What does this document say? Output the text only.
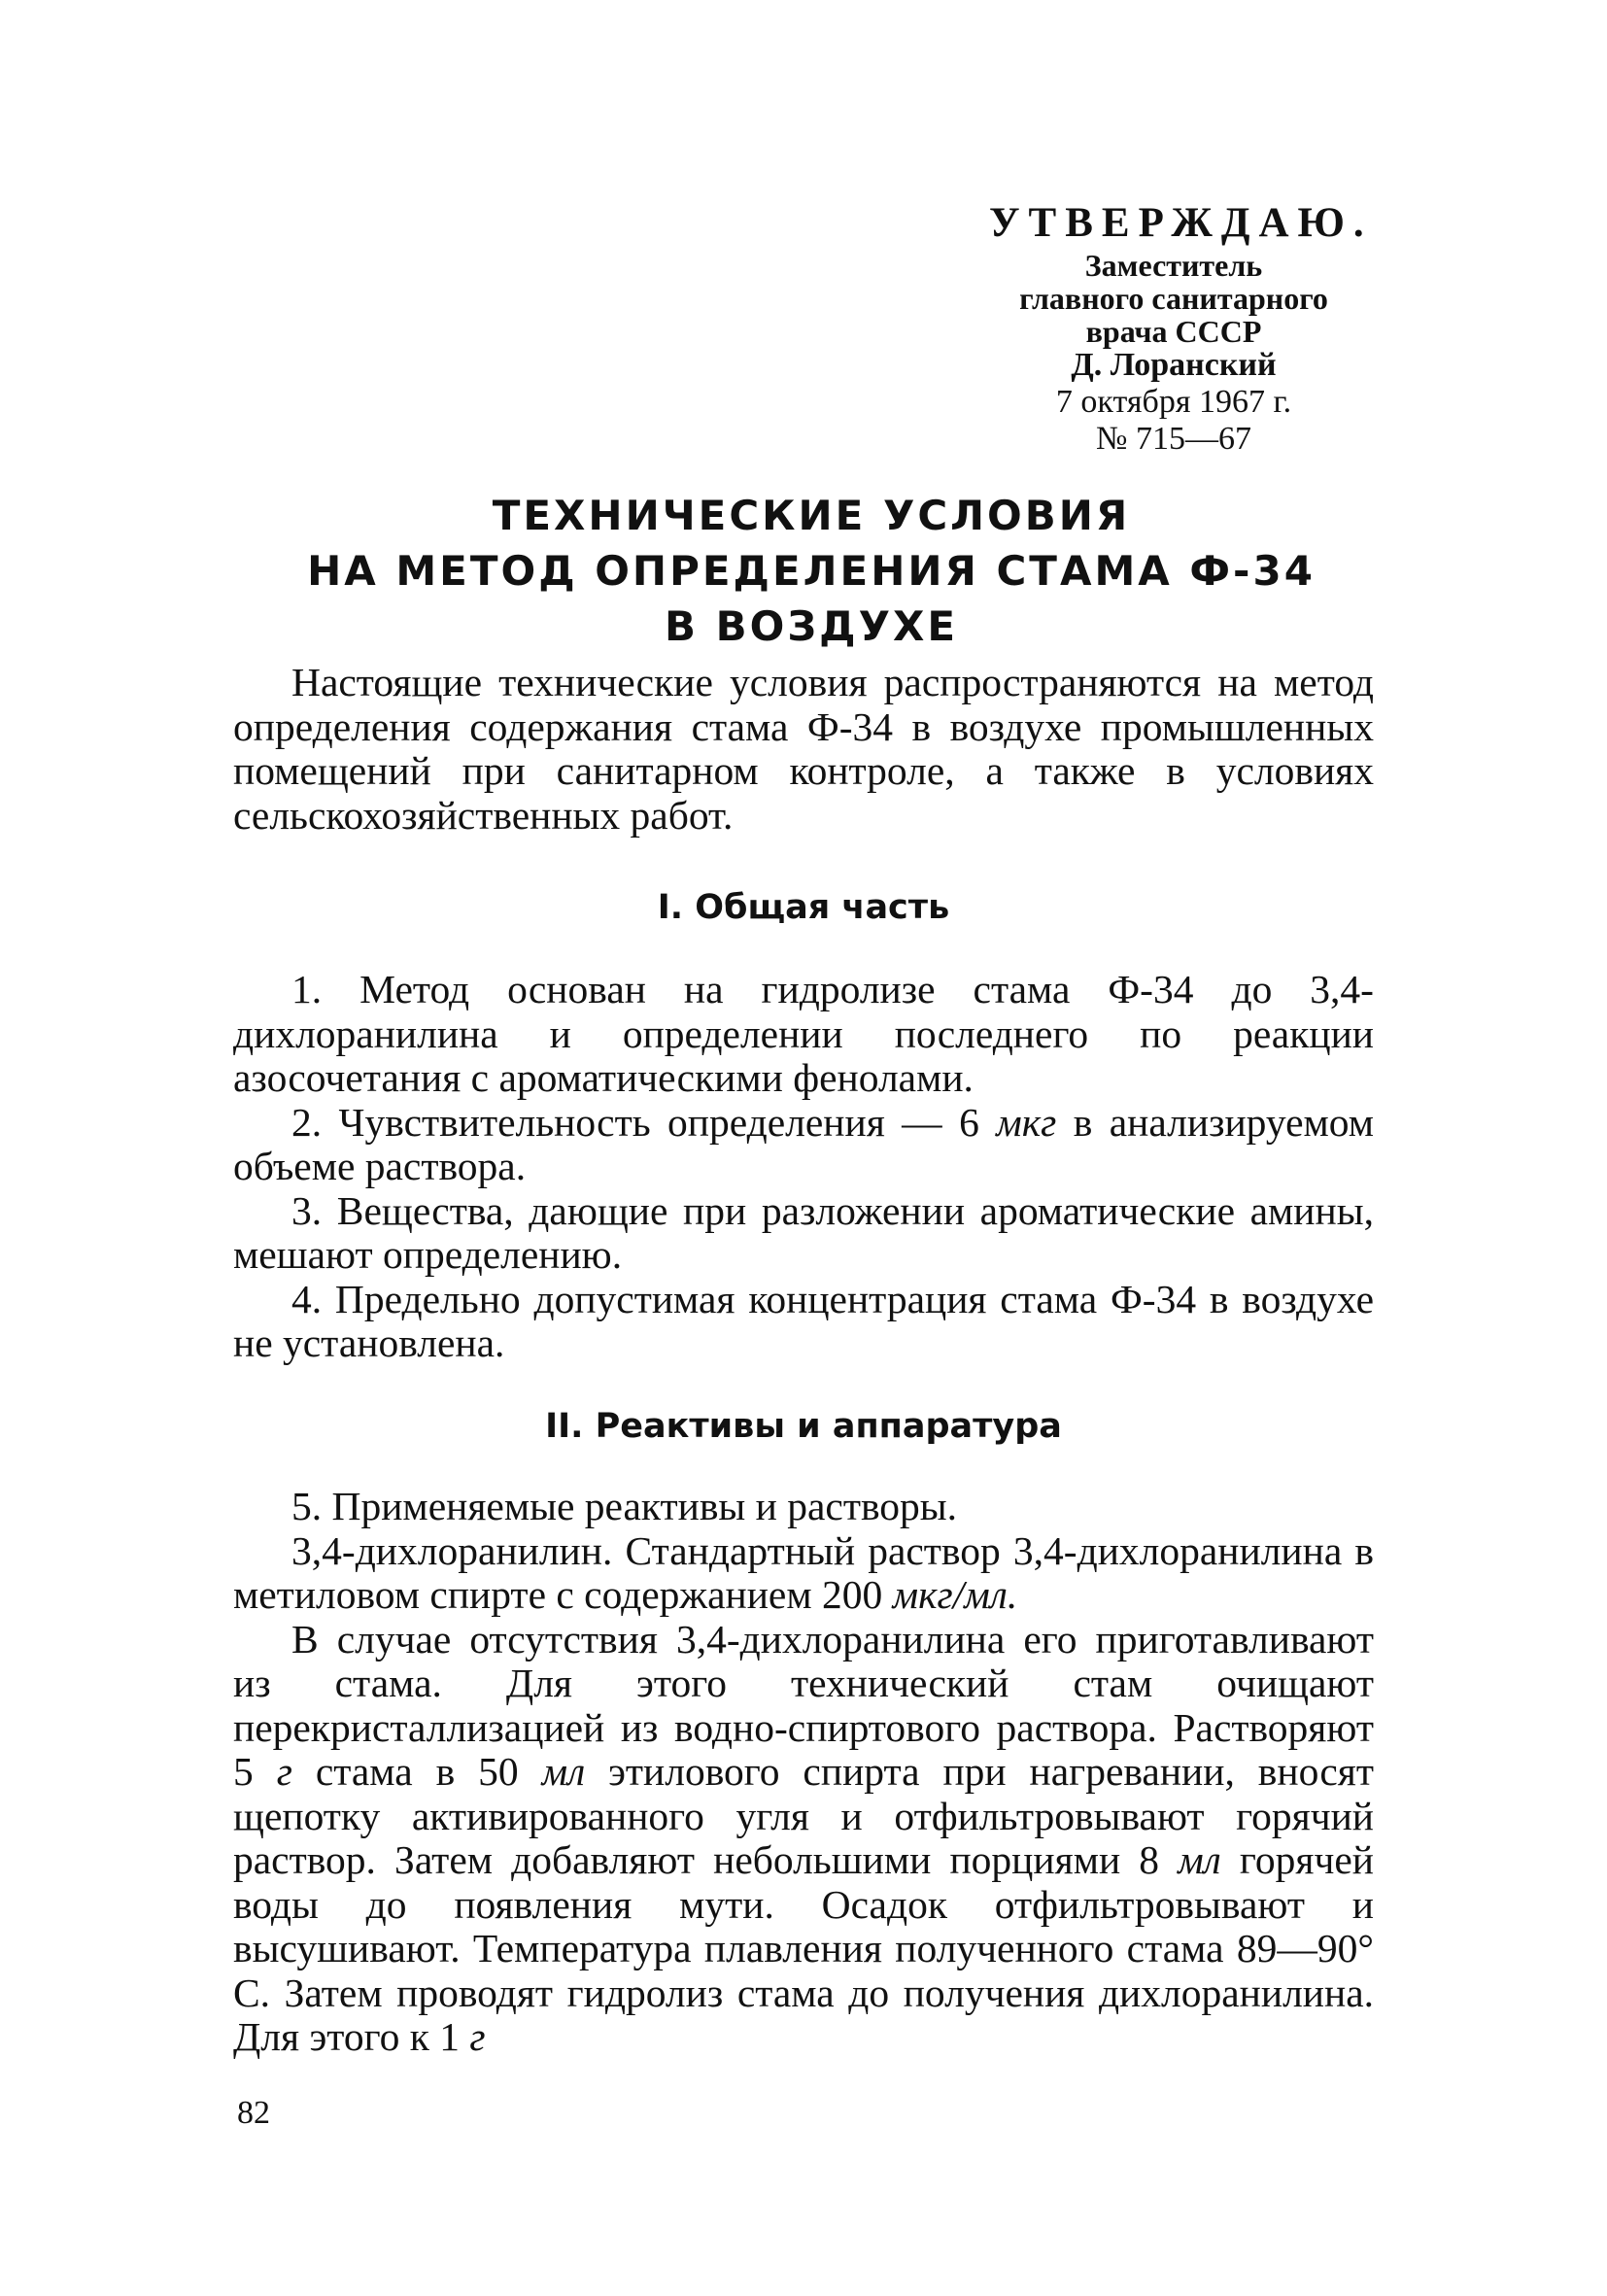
УТВЕРЖДАЮ.
Заместитель
главного санитарного
врача СССР
Д. Лоранский
7 октября 1967 г.
№ 715—67
ТЕХНИЧЕСКИЕ УСЛОВИЯ
НА МЕТОД ОПРЕДЕЛЕНИЯ СТАМА Ф-34
В ВОЗДУХЕ

Настоящие технические условия распространяются на метод определения содержания стама Ф-34 в воздухе промышленных помещений при санитарном контроле, а также в условиях сельскохозяйственных работ.

I. Общая часть

1. Метод основан на гидролизе стама Ф-34 до 3,4-дихлоранилина и определении последнего по реакции азосочетания с ароматическими фенолами.

2. Чувствительность определения — 6 мкг в анализируемом объеме раствора.

3. Вещества, дающие при разложении ароматические амины, мешают определению.

4. Предельно допустимая концентрация стама Ф-34 в воздухе не установлена.

II. Реактивы и аппаратура

5. Применяемые реактивы и растворы.

3,4-дихлоранилин. Стандартный раствор 3,4-дихлоранилина в метиловом спирте с содержанием 200 мкг/мл.

В случае отсутствия 3,4-дихлоранилина его приготавливают из стама. Для этого технический стам очищают перекристаллизацией из водно-спиртового раствора. Растворяют 5 г стама в 50 мл этилового спирта при нагревании, вносят щепотку активированного угля и отфильтровывают горячий раствор. Затем добавляют небольшими порциями 8 мл горячей воды до появления мути. Осадок отфильтровывают и высушивают. Температура плавления полученного стама 89—90° С. Затем проводят гидролиз стама до получения дихлоранилина. Для этого к 1 г

82
